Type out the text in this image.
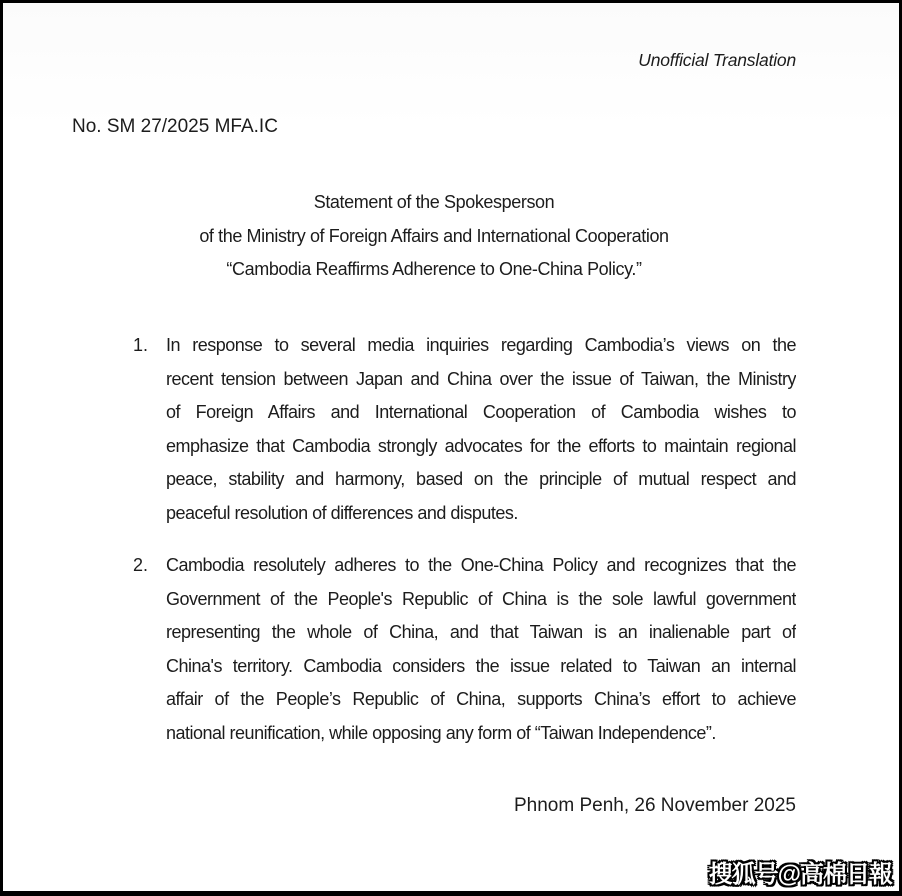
Unofficial Translation
No. SM 27/2025 MFA.IC
Statement of the Spokesperson
of the Ministry of Foreign Affairs and International Cooperation
“Cambodia Reaffirms Adherence to One-China Policy.”
1. In response to several media inquiries regarding Cambodia’s views on the
recent tension between Japan and China over the issue of Taiwan, the Ministry
of Foreign Affairs and International Cooperation of Cambodia wishes to
emphasize that Cambodia strongly advocates for the efforts to maintain regional
peace, stability and harmony, based on the principle of mutual respect and
peaceful resolution of differences and disputes.
2. Cambodia resolutely adheres to the One-China Policy and recognizes that the
Government of the People's Republic of China is the sole lawful government
representing the whole of China, and that Taiwan is an inalienable part of
China's territory. Cambodia considers the issue related to Taiwan an internal
affair of the People’s Republic of China, supports China’s effort to achieve
national reunification, while opposing any form of “Taiwan Independence”.
Phnom Penh, 26 November 2025
搜狐号@高棉日報
